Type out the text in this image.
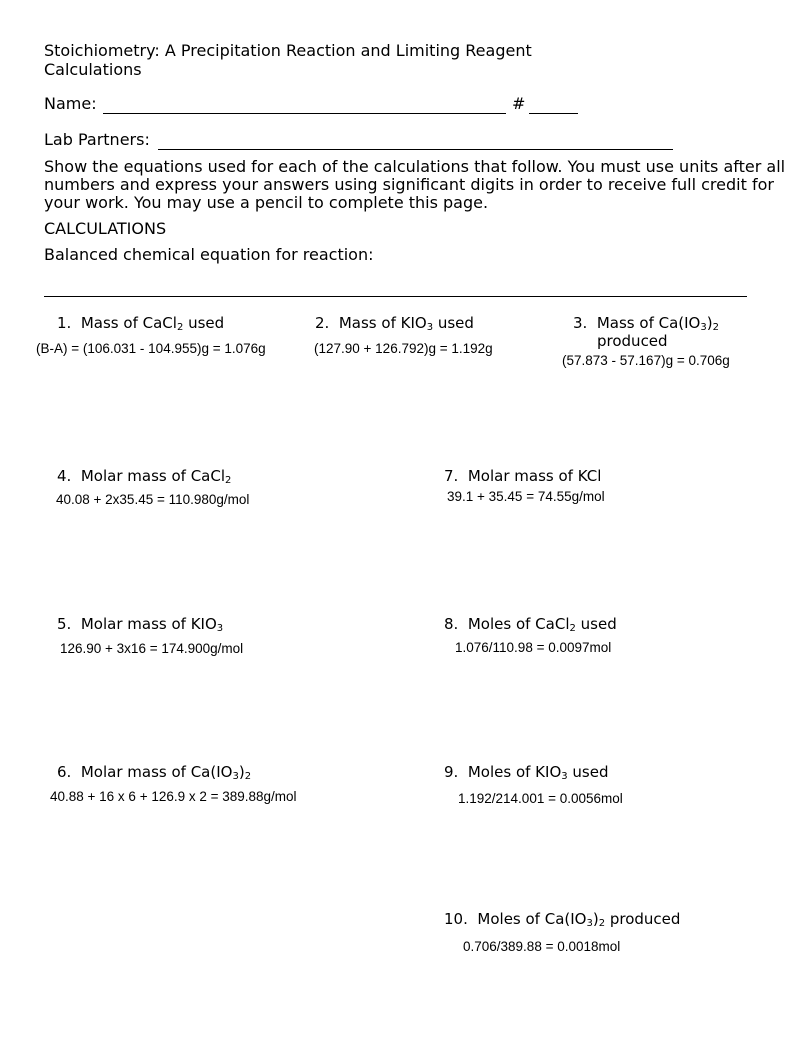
Stoichiometry: A Precipitation Reaction and Limiting Reagent
Calculations
Name:	#
Lab Partners:
Show the equations used for each of the calculations that follow. You must use units after all
numbers and express your answers using significant digits in order to receive full credit for
your work. You may use a pencil to complete this page.
CALCULATIONS
Balanced chemical equation for reaction:
1. Mass of CaCl$_2$ used
(B-A) = (106.031 - 104.955)g = 1.076g
2. Mass of $KIO_3$ used
(127.90 + 126.792)g = 1.192g
3. Mass of $Ca(IO_3)_2$
produced
(57.873 - 57.167)g = 0.706g
4. Molar mass of CaCl$_2$
40.08 + 2x35.45 = 110.980g/mol
7. Molar mass of KCl
39.1 + 35.45 = 74.55g/mol
5. Molar mass of $KIO_3$
126.90 + 3x16 = 174.900g/mol
8. Moles of CaCl$_2$ used
1.076/110.98 = 0.0097mol
6. Molar mass of $Ca(IO_3)_2$
40.88 + 16 x 6 + 126.9 x 2 = 389.88g/mol
9. Moles of $KIO_3$ used
1.192/214.001 = 0.0056mol
10. Moles of $Ca(IO_3)_2$ produced
0.706/389.88 = 0.0018mol
